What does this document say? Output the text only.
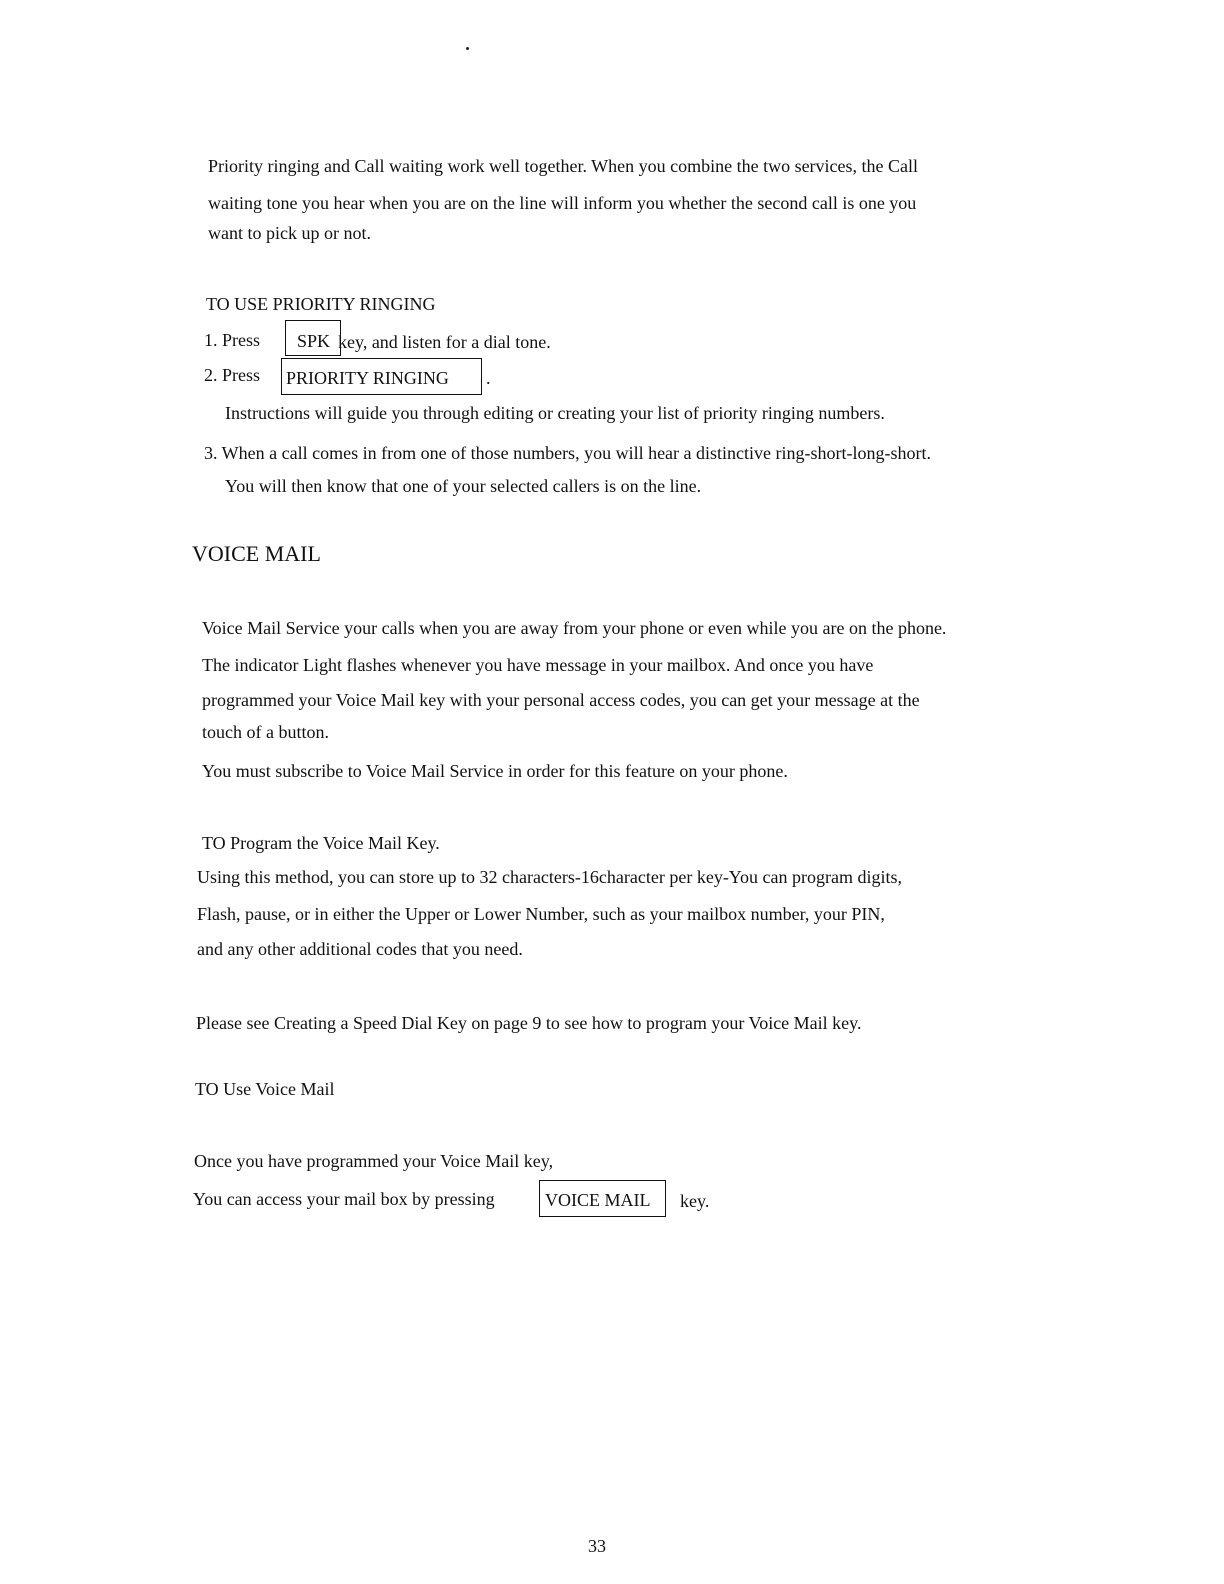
Priority ringing and Call waiting work well together. When you combine the two services, the Call
waiting tone you hear when you are on the line will inform you whether the second call is one you
want to pick up or not.
TO USE PRIORITY RINGING
1. Press	SPK key, and listen for a dial tone.
2. Press PRIORITY RINGING	.
Instructions will guide you through editing or creating your list of priority ringing numbers.
3. When a call comes in from one of those numbers, you will hear a distinctive ring-short-long-short.
You will then know that one of your selected callers is on the line.
VOICE MAIL
Voice Mail Service your calls when you are away from your phone or even while you are on the phone.
The indicator Light flashes whenever you have message in your mailbox. And once you have
programmed your Voice Mail key with your personal access codes, you can get your message at the
touch of a button.
You must subscribe to Voice Mail Service in order for this feature on your phone.
TO Program the Voice Mail Key.
Using this method, you can store up to 32 characters-16character per key-You can program digits,
Flash, pause, or in either the Upper or Lower Number, such as your mailbox number, your PIN,
and any other additional codes that you need.
Please see Creating a Speed Dial Key on page 9 to see how to program your Voice Mail key.
TO Use Voice Mail
Once you have programmed your Voice Mail key,
You can access your mail box by pressing	VOICE MAIL	key.
33
